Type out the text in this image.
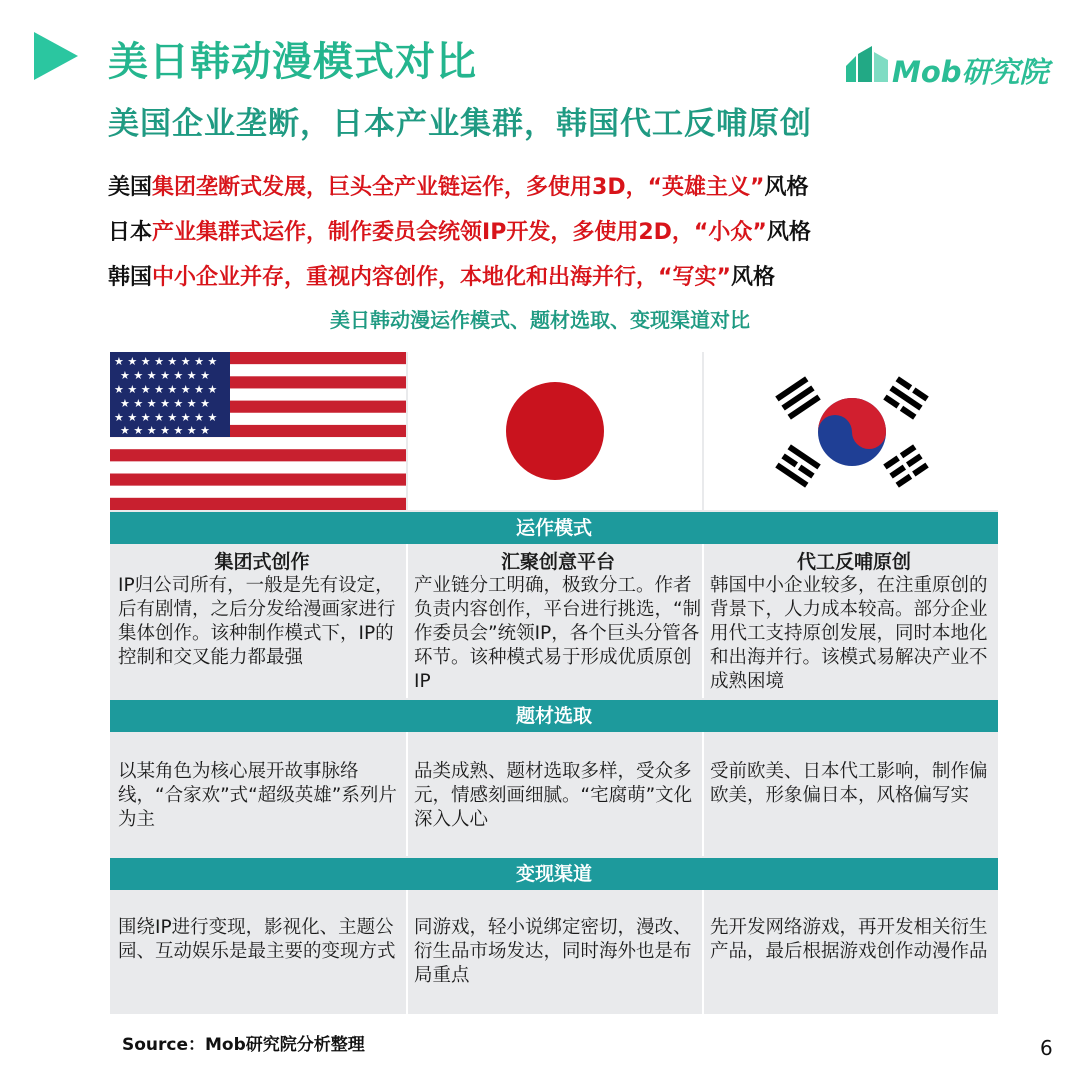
美日韩动漫模式对比
美国企业垄断，日本产业集群，韩国代工反哺原创
Mob研究院
美国集团垄断式发展，巨头全产业链运作，多使用3D，“英雄主义”风格
日本产业集群式运作，制作委员会统领IP开发，多使用2D，“小众”风格
韩国中小企业并存，重视内容创作，本地化和出海并行，“写实”风格
美日韩动漫运作模式、题材选取、变现渠道对比
★ ★ ★ ★ ★ ★ ★ ★
★ ★ ★ ★ ★ ★ ★
★ ★ ★ ★ ★ ★ ★ ★
★ ★ ★ ★ ★ ★ ★
★ ★ ★ ★ ★ ★ ★ ★
★ ★ ★ ★ ★ ★ ★
运作模式
集团式创作
IP归公司所有，一般是先有设定，后有剧情，之后分发给漫画家进行集体创作。该种制作模式下，IP的控制和交叉能力都最强
汇聚创意平台
产业链分工明确，极致分工。作者负责内容创作，平台进行挑选，“制作委员会”统领IP，各个巨头分管各环节。该种模式易于形成优质原创IP
代工反哺原创
韩国中小企业较多，在注重原创的背景下，人力成本较高。部分企业用代工支持原创发展，同时本地化和出海并行。该模式易解决产业不成熟困境
题材选取
以某角色为核心展开故事脉络线，“合家欢”式“超级英雄”系列片为主
品类成熟、题材选取多样，受众多元，情感刻画细腻。“宅腐萌”文化深入人心
受前欧美、日本代工影响，制作偏欧美，形象偏日本，风格偏写实
变现渠道
围绕IP进行变现，影视化、主题公园、互动娱乐是最主要的变现方式
同游戏，轻小说绑定密切，漫改、衍生品市场发达，同时海外也是布局重点
先开发网络游戏，再开发相关衍生产品，最后根据游戏创作动漫作品
Source：Mob研究院分析整理	6
